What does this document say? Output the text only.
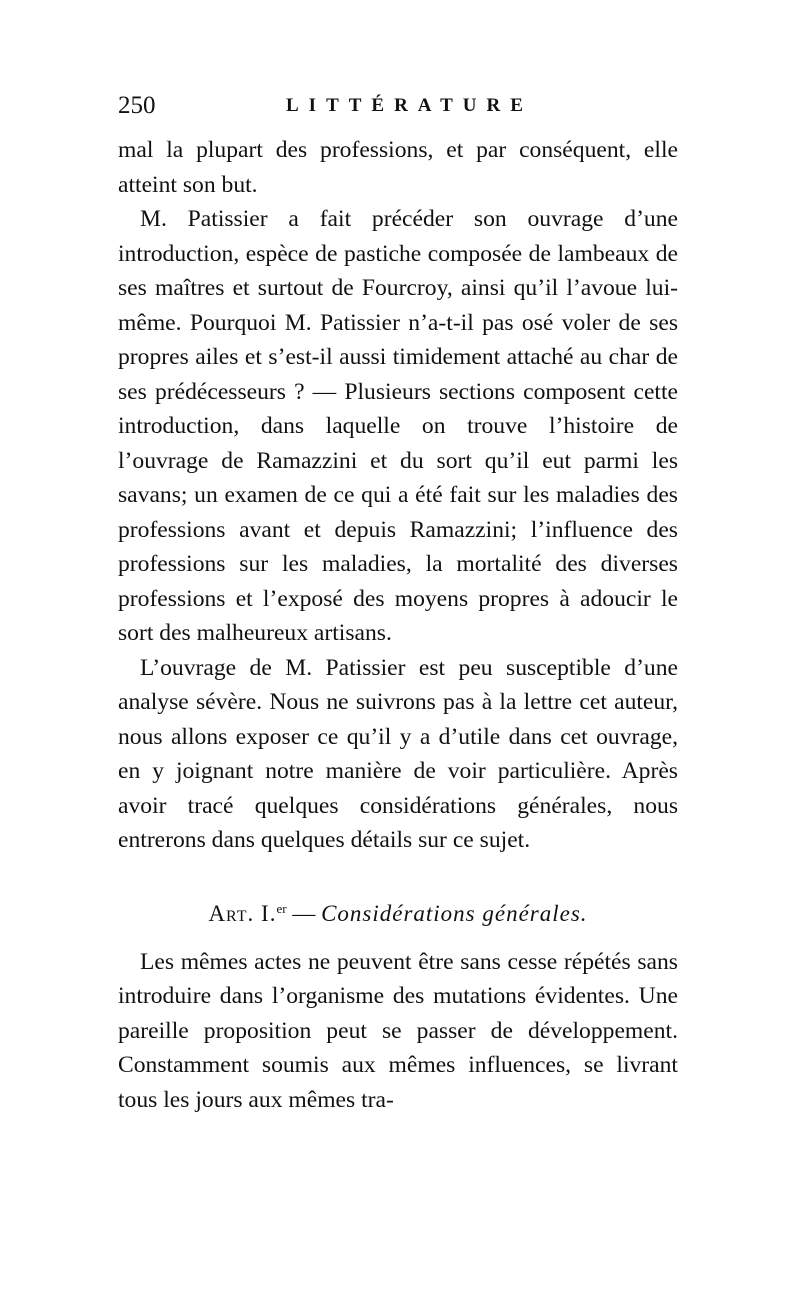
250	LITTÉRATURE

mal la plupart des professions, et par conséquent, elle atteint son but.

M. Patissier a fait précéder son ouvrage d’une introduction, espèce de pastiche composée de lambeaux de ses maîtres et surtout de Fourcroy, ainsi qu’il l’avoue lui-même. Pourquoi M. Patissier n’a-t-il pas osé voler de ses propres ailes et s’est-il aussi timidement attaché au char de ses prédécesseurs ? — Plusieurs sections composent cette introduction, dans laquelle on trouve l’histoire de l’ouvrage de Ramazzini et du sort qu’il eut parmi les savans; un examen de ce qui a été fait sur les maladies des professions avant et depuis Ramazzini; l’influence des professions sur les maladies, la mortalité des diverses professions et l’exposé des moyens propres à adoucir le sort des malheureux artisans.

L’ouvrage de M. Patissier est peu susceptible d’une analyse sévère. Nous ne suivrons pas à la lettre cet auteur, nous allons exposer ce qu’il y a d’utile dans cet ouvrage, en y joignant notre manière de voir particulière. Après avoir tracé quelques considérations générales, nous entrerons dans quelques détails sur ce sujet.

Art. I.$^{er}$ — Considérations générales.

Les mêmes actes ne peuvent être sans cesse répétés sans introduire dans l’organisme des mutations évidentes. Une pareille proposition peut se passer de développement. Constamment soumis aux mêmes influences, se livrant tous les jours aux mêmes tra-
